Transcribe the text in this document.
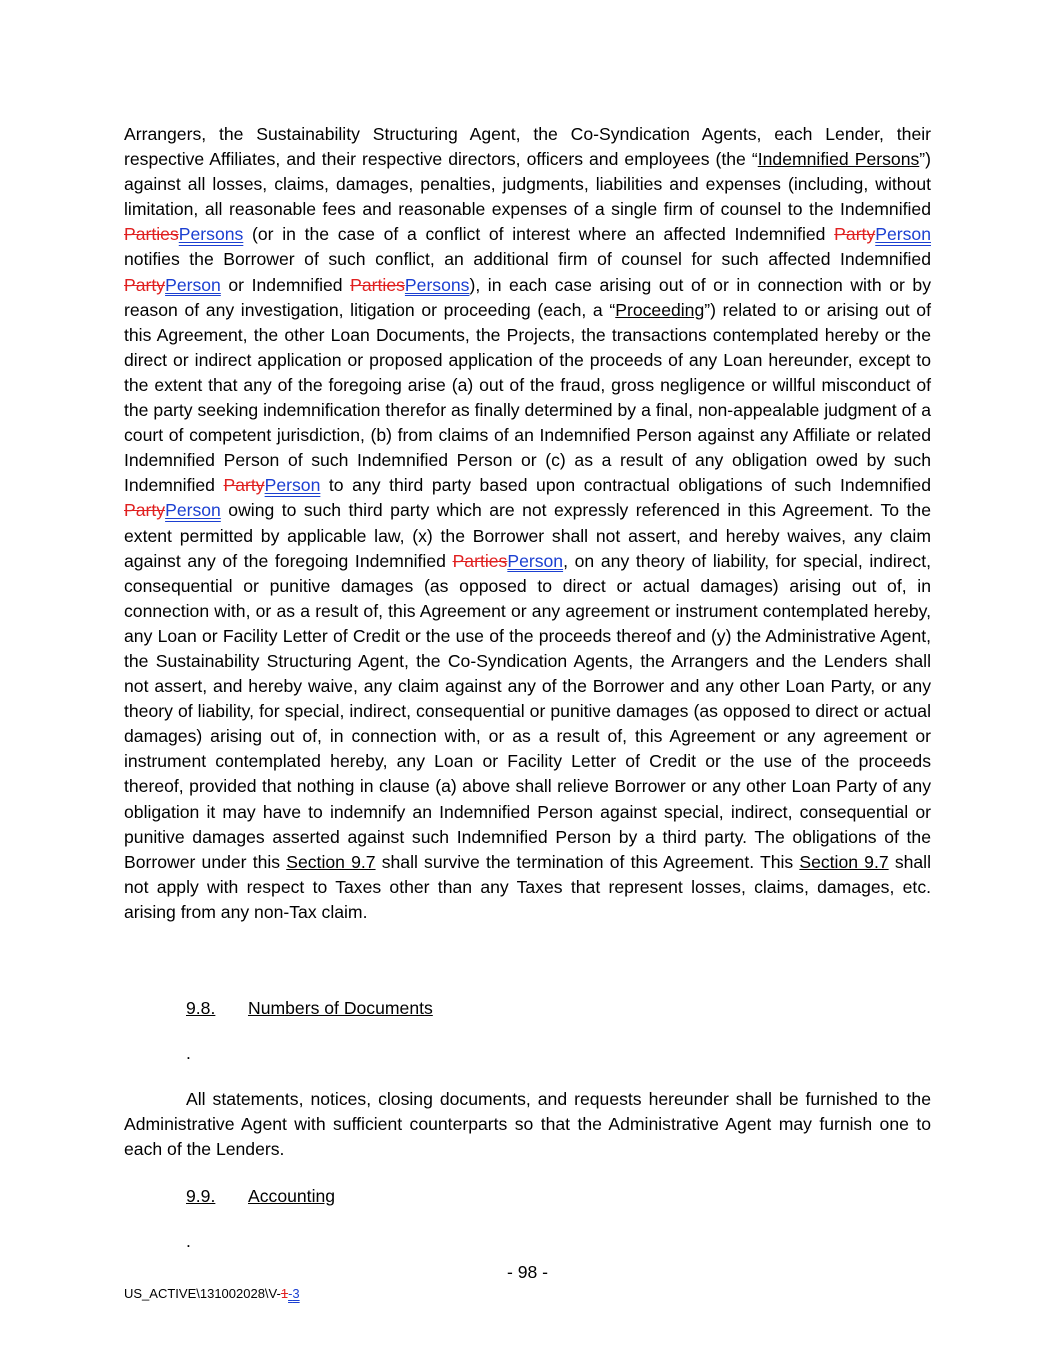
Arrangers, the Sustainability Structuring Agent, the Co-Syndication Agents, each Lender, their respective Affiliates, and their respective directors, officers and employees (the “Indemnified Persons”) against all losses, claims, damages, penalties, judgments, liabilities and expenses (including, without limitation, all reasonable fees and reasonable expenses of a single firm of counsel to the Indemnified PartiesPersons (or in the case of a conflict of interest where an affected Indemnified PartyPerson notifies the Borrower of such conflict, an additional firm of counsel for such affected Indemnified PartyPerson or Indemnified PartiesPersons), in each case arising out of or in connection with or by reason of any investigation, litigation or proceeding (each, a “Proceeding”) related to or arising out of this Agreement, the other Loan Documents, the Projects, the transactions contemplated hereby or the direct or indirect application or proposed application of the proceeds of any Loan hereunder, except to the extent that any of the foregoing arise (a) out of the fraud, gross negligence or willful misconduct of the party seeking indemnification therefor as finally determined by a final, non-appealable judgment of a court of competent jurisdiction, (b) from claims of an Indemnified Person against any Affiliate or related Indemnified Person of such Indemnified Person or (c) as a result of any obligation owed by such Indemnified PartyPerson to any third party based upon contractual obligations of such Indemnified PartyPerson owing to such third party which are not expressly referenced in this Agreement. To the extent permitted by applicable law, (x) the Borrower shall not assert, and hereby waives, any claim against any of the foregoing Indemnified PartiesPerson, on any theory of liability, for special, indirect, consequential or punitive damages (as opposed to direct or actual damages) arising out of, in connection with, or as a result of, this Agreement or any agreement or instrument contemplated hereby, any Loan or Facility Letter of Credit or the use of the proceeds thereof and (y) the Administrative Agent, the Sustainability Structuring Agent, the Co-Syndication Agents, the Arrangers and the Lenders shall not assert, and hereby waive, any claim against any of the Borrower and any other Loan Party, or any theory of liability, for special, indirect, consequential or punitive damages (as opposed to direct or actual damages) arising out of, in connection with, or as a result of, this Agreement or any agreement or instrument contemplated hereby, any Loan or Facility Letter of Credit or the use of the proceeds thereof, provided that nothing in clause (a) above shall relieve Borrower or any other Loan Party of any obligation it may have to indemnify an Indemnified Person against special, indirect, consequential or punitive damages asserted against such Indemnified Person by a third party. The obligations of the Borrower under this Section 9.7 shall survive the termination of this Agreement. This Section 9.7 shall not apply with respect to Taxes other than any Taxes that represent losses, claims, damages, etc. arising from any non-Tax claim.

9.8. Numbers of Documents
.

All statements, notices, closing documents, and requests hereunder shall be furnished to the Administrative Agent with sufficient counterparts so that the Administrative Agent may furnish one to each of the Lenders.

9.9. Accounting
.
- 98 -
US_ACTIVE\131002028\V-1-3
